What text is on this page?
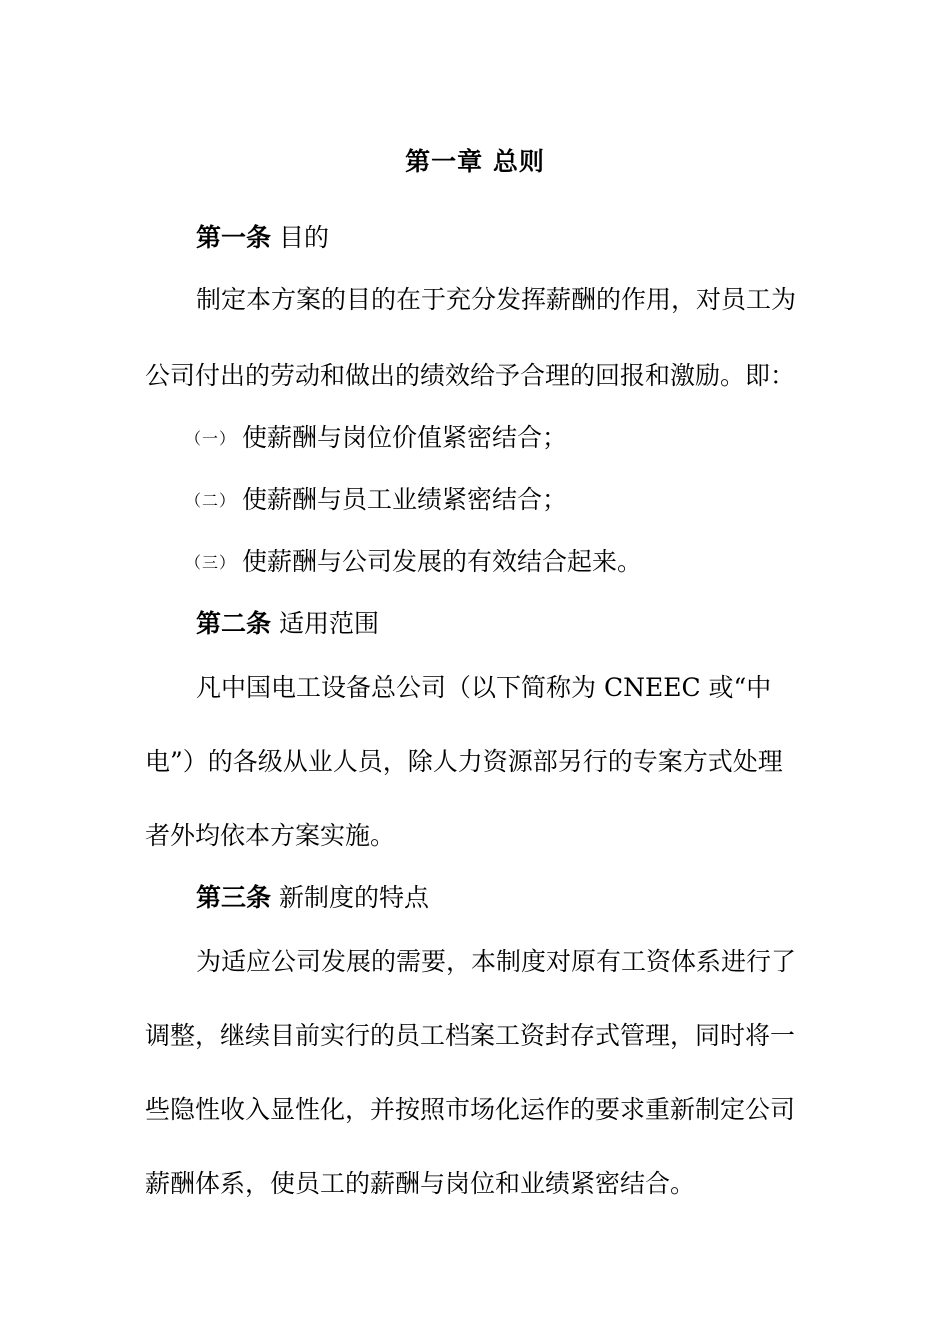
第一章 总则
第一条 目的
制定本方案的目的在于充分发挥薪酬的作用，对员工为
公司付出的劳动和做出的绩效给予合理的回报和激励。即：
（一） 使薪酬与岗位价值紧密结合；
（二） 使薪酬与员工业绩紧密结合；
（三） 使薪酬与公司发展的有效结合起来。
第二条 适用范围
凡中国电工设备总公司（以下简称为 CNEEC 或“中
电”）的各级从业人员，除人力资源部另行的专案方式处理
者外均依本方案实施。
第三条 新制度的特点
为适应公司发展的需要，本制度对原有工资体系进行了
调整，继续目前实行的员工档案工资封存式管理，同时将一
些隐性收入显性化，并按照市场化运作的要求重新制定公司
薪酬体系，使员工的薪酬与岗位和业绩紧密结合。
